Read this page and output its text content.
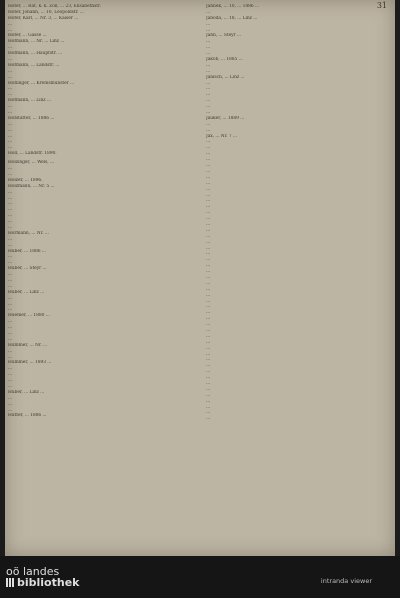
31
Höfer, ... Rat, k. k. Zoll, ... 23, Elisabethstr.
Hofer, Johann, ... 10, Leopoldstr. ...
Hofer, Karl, ... Nr. 3, ... Kaiser ...
...
...
Hofer, ... Gasse ...
Hofmann, ... Nr. ... Linz ...
...
Hofmann, ... Hauptstr. ...
...
Hofmann, ... Landstr. ...
...
...
Hoflinger, ... Kremsmünster ...
...
...
Hofmann, ... Linz ...
...
...
Hofstätter, ... 1886 ...
...
...
...
...
...
Holl, ... Landstr. 1890.
Holzinger, ... Wels, ...
...
...
Holzer, ... 1896.
Holzmann, ... Nr. 5 ...
...
...
...
...
...
...
...
Hörmann, ... Nr. ...
...
...
Huber, ... 1886 ...
...
...
Huber, ... Steyr ...
...
...
...
Huber, ... Linz ...
...
...
...
Huemer, ... 1880 ...
...
...
...
...
Hummer, ... Nr. ...
...
...
Hummer, ... 1893 ...
...
...
...
...
Huber, ... Linz ...
...
...
...
Hutter, ... 1886 ...
Jahnek, ... 10, ... 1886 ...
...
Jahoda, ... 18, ... Linz ...
...
...
Jahn, ... Steyr ...
...
...
...
Jakob, ... 1885 ...
...
...
Janisch, ... Linz ...
...
...
...
...
...
...
Jauker, ... 1889 ...
...
...
Jax, ... Nr. 7 ...
...
...
...
...
...
...
...
...
...
...
...
...
...
...
...
...
...
...
...
...
...
...
...
...
...
...
...
...
...
...
...
...
...
...
...
...
...
...
...
...
...
...
...
...
...
...
...
...
oö landes
bibliothek	intranda viewer
